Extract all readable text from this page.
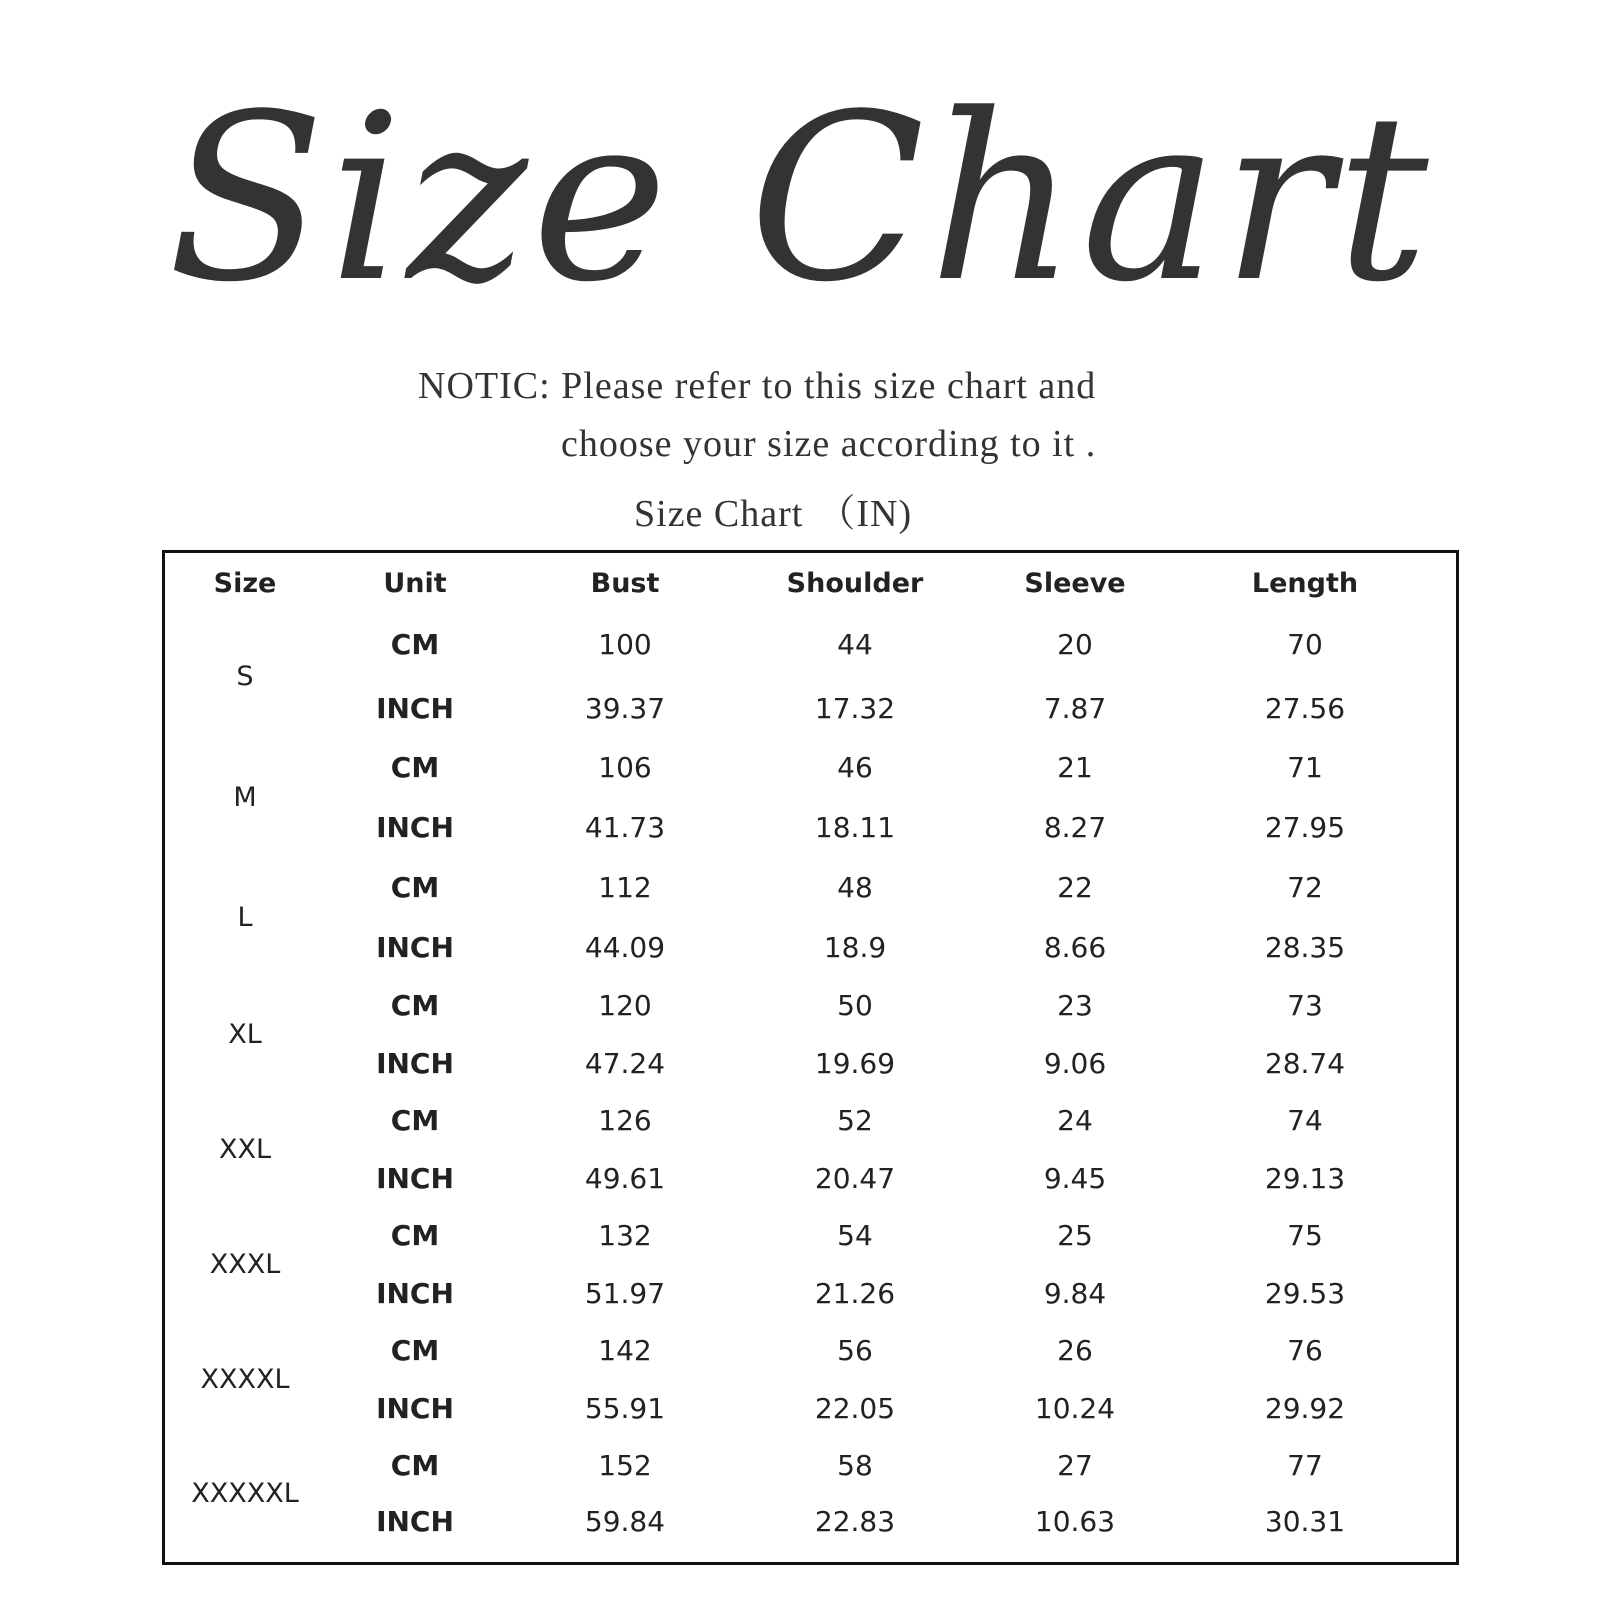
Size Chart
NOTIC: Please refer to this size chart and
choose your size according to it .
Size Chart （IN)
Size	Unit	Bust	Shoulder	Sleeve	Length
S
CM	100	44	20	70
INCH	39.37	17.32	7.87	27.56
M
CM	106	46	21	71
INCH	41.73	18.11	8.27	27.95
L
CM	112	48	22	72
INCH	44.09	18.9	8.66	28.35
XL
CM	120	50	23	73
INCH	47.24	19.69	9.06	28.74
XXL
CM	126	52	24	74
INCH	49.61	20.47	9.45	29.13
XXXL
CM	132	54	25	75
INCH	51.97	21.26	9.84	29.53
XXXXL
CM	142	56	26	76
INCH	55.91	22.05	10.24	29.92
XXXXXL
CM	152	58	27	77
INCH	59.84	22.83	10.63	30.31
